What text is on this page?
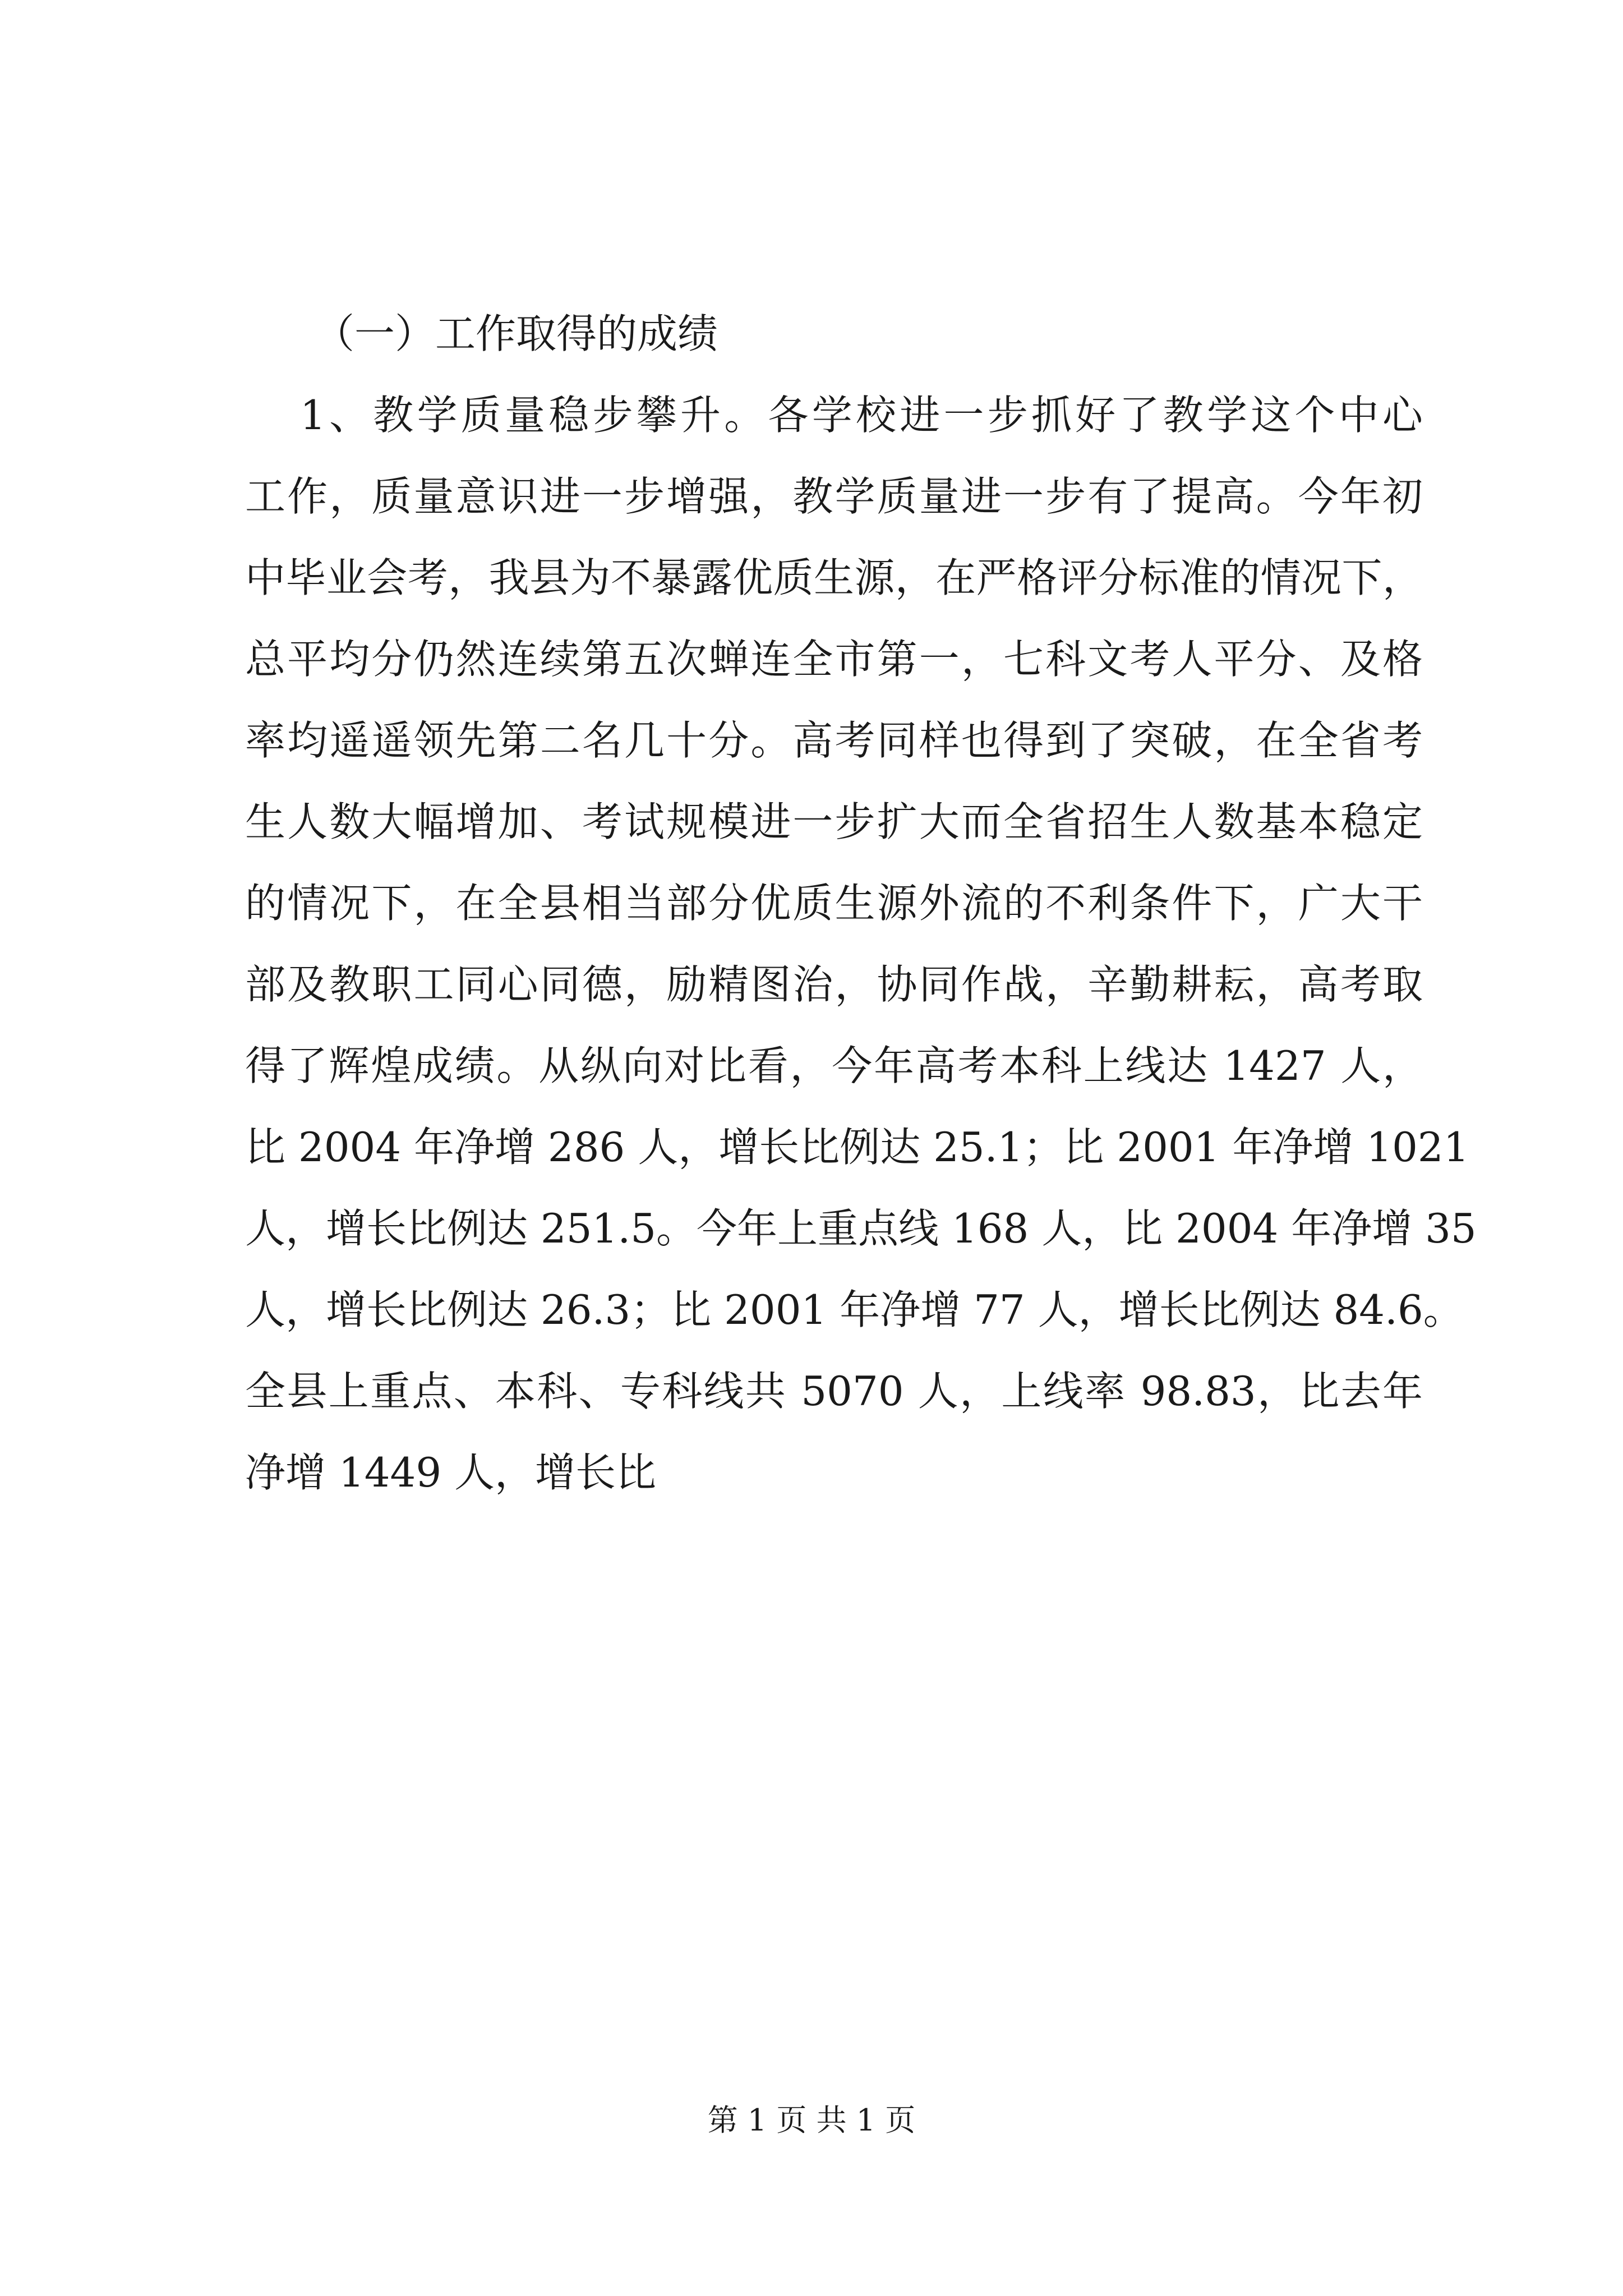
（一）工作取得的成绩
1、教学质量稳步攀升。各学校进一步抓好了教学这个中心
工作，质量意识进一步增强，教学质量进一步有了提高。今年初
中毕业会考，我县为不暴露优质生源，在严格评分标准的情况下，
总平均分仍然连续第五次蝉连全市第一，七科文考人平分、及格
率均遥遥领先第二名几十分。高考同样也得到了突破，在全省考
生人数大幅增加、考试规模进一步扩大而全省招生人数基本稳定
的情况下，在全县相当部分优质生源外流的不利条件下，广大干
部及教职工同心同德，励精图治，协同作战，辛勤耕耘，高考取
得了辉煌成绩。从纵向对比看，今年高考本科上线达 1427 人，
比 2004 年净增 286 人，增长比例达 25.1；比 2001 年净增 1021
人，增长比例达 251.5。今年上重点线 168 人，比 2004 年净增 35
人，增长比例达 26.3；比 2001 年净增 77 人，增长比例达 84.6。
全县上重点、本科、专科线共 5070 人，上线率 98.83，比去年
净增 1449 人，增长比
第 1 页 共 1 页
